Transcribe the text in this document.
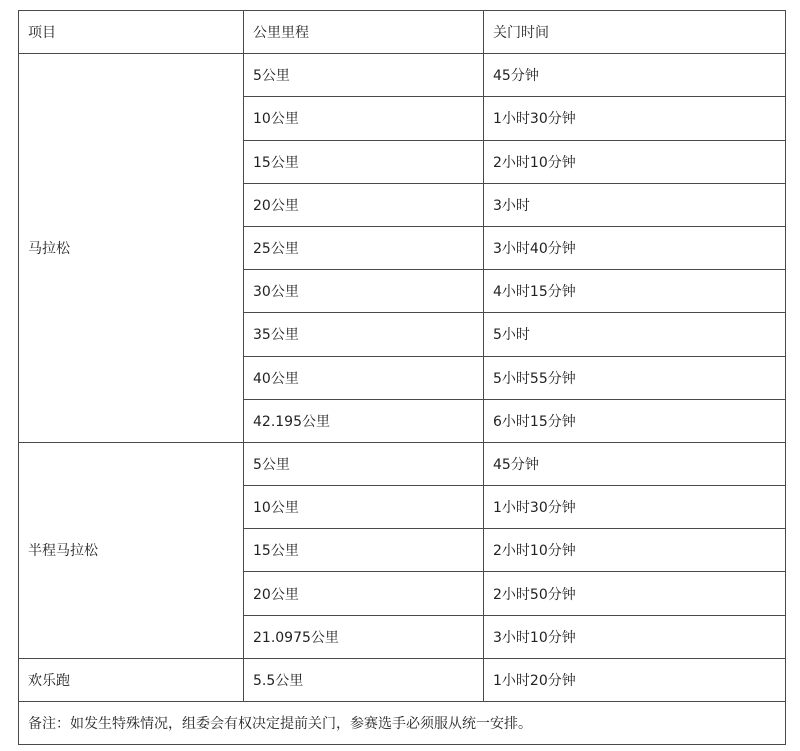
项目	公里里程	关门时间
马拉松	5公里	45分钟
	10公里	1小时30分钟
	15公里	2小时10分钟
	20公里	3小时
	25公里	3小时40分钟
	30公里	4小时15分钟
	35公里	5小时
	40公里	5小时55分钟
	42.195公里	6小时15分钟
半程马拉松	5公里	45分钟
	10公里	1小时30分钟
	15公里	2小时10分钟
	20公里	2小时50分钟
	21.0975公里	3小时10分钟
欢乐跑	5.5公里	1小时20分钟
备注：如发生特殊情况，组委会有权决定提前关门，参赛选手必须服从统一安排。		
